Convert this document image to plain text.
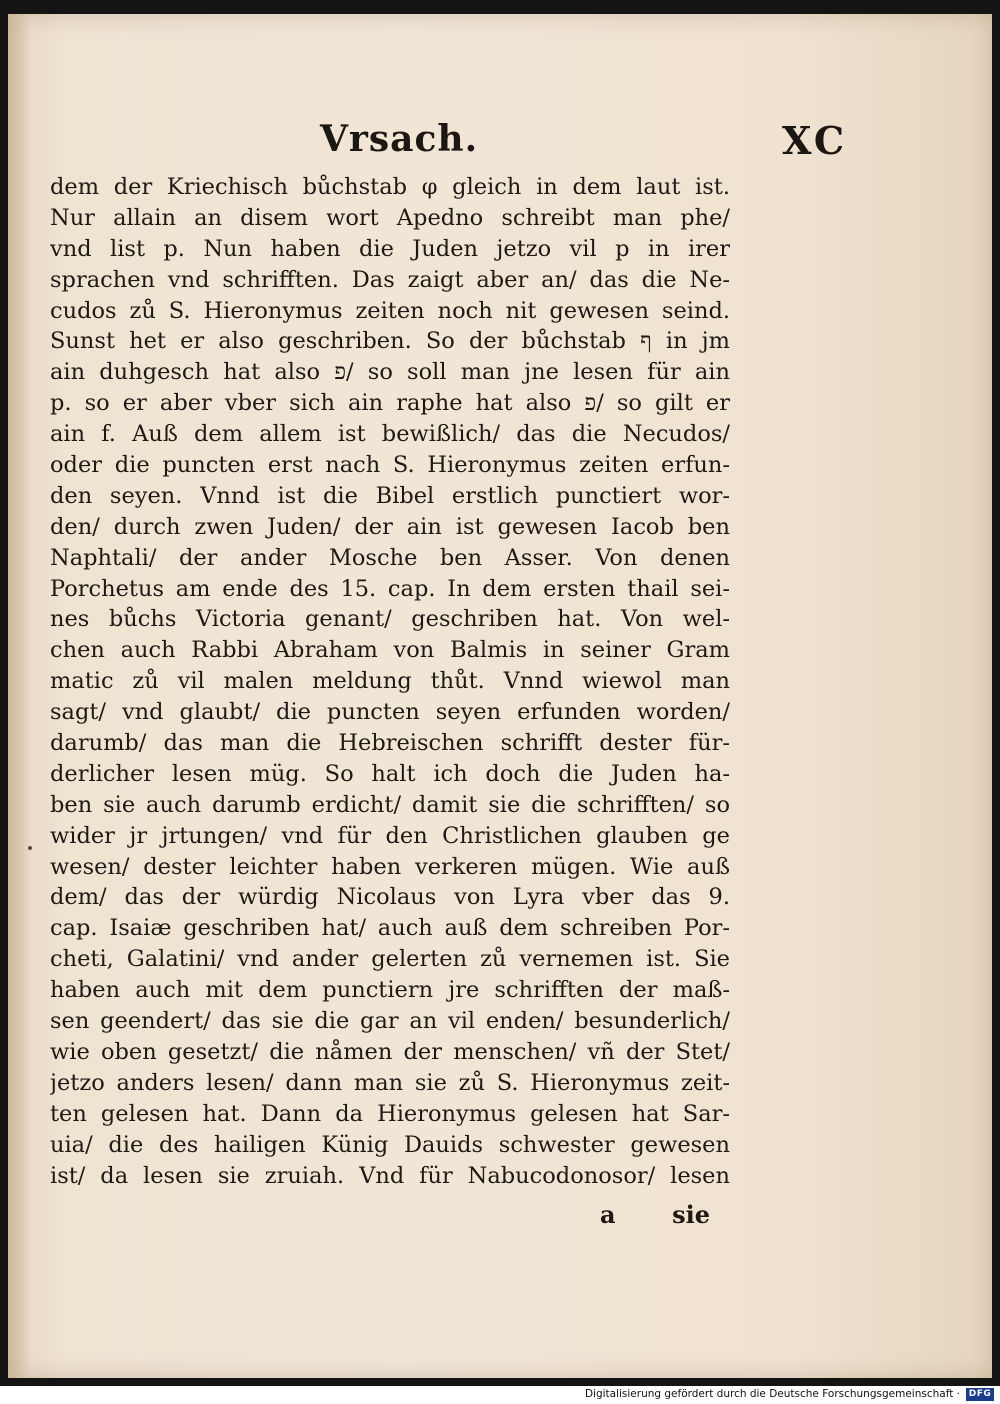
Vrsach.	XC
dem der Kriechisch bůchstab φ gleich in dem laut ist.
Nur allain an disem wort Apedno schreibt man phe/
vnd list p. Nun haben die Juden jetzo vil p in irer
sprachen vnd schrifften. Das zaigt aber an/ das die Ne-
cudos zů S. Hieronymus zeiten noch nit gewesen seind.
Sunst het er also geschriben. So der bůchstab ף in jm
ain duhgesch hat also פ/ so soll man jne lesen für ain
p. so er aber vber sich ain raphe hat also פ/ so gilt er
ain f. Auß dem allem ist bewißlich/ das die Necudos/
oder die puncten erst nach S. Hieronymus zeiten erfun-
den seyen. Vnnd ist die Bibel erstlich punctiert wor-
den/ durch zwen Juden/ der ain ist gewesen Iacob ben
Naphtali/ der ander Mosche ben Asser. Von denen
Porchetus am ende des 15. cap. In dem ersten thail sei-
nes bůchs Victoria genant/ geschriben hat. Von wel-
chen auch Rabbi Abraham von Balmis in seiner Gram
matic zů vil malen meldung thůt. Vnnd wiewol man
sagt/ vnd glaubt/ die puncten seyen erfunden worden/
darumb/ das man die Hebreischen schrifft dester für-
derlicher lesen müg. So halt ich doch die Juden ha-
ben sie auch darumb erdicht/ damit sie die schrifften/ so
wider jr jrtungen/ vnd für den Christlichen glauben ge
wesen/ dester leichter haben verkeren mügen. Wie auß
dem/ das der würdig Nicolaus von Lyra vber das 9.
cap. Isaiæ geschriben hat/ auch auß dem schreiben Por-
cheti, Galatini/ vnd ander gelerten zů vernemen ist. Sie
haben auch mit dem punctiern jre schrifften der maß-
sen geendert/ das sie die gar an vil enden/ besunderlich/
wie oben gesetzt/ die nåmen der menschen/ vñ der Stet/
jetzo anders lesen/ dann man sie zů S. Hieronymus zeit-
ten gelesen hat. Dann da Hieronymus gelesen hat Sar-
uia/ die des hailigen Künig Dauids schwester gewesen
ist/ da lesen sie zruiah. Vnd für Nabucodonosor/ lesen
a sie
Digitalisierung gefördert durch die Deutsche Forschungsgemeinschaft · DFG
